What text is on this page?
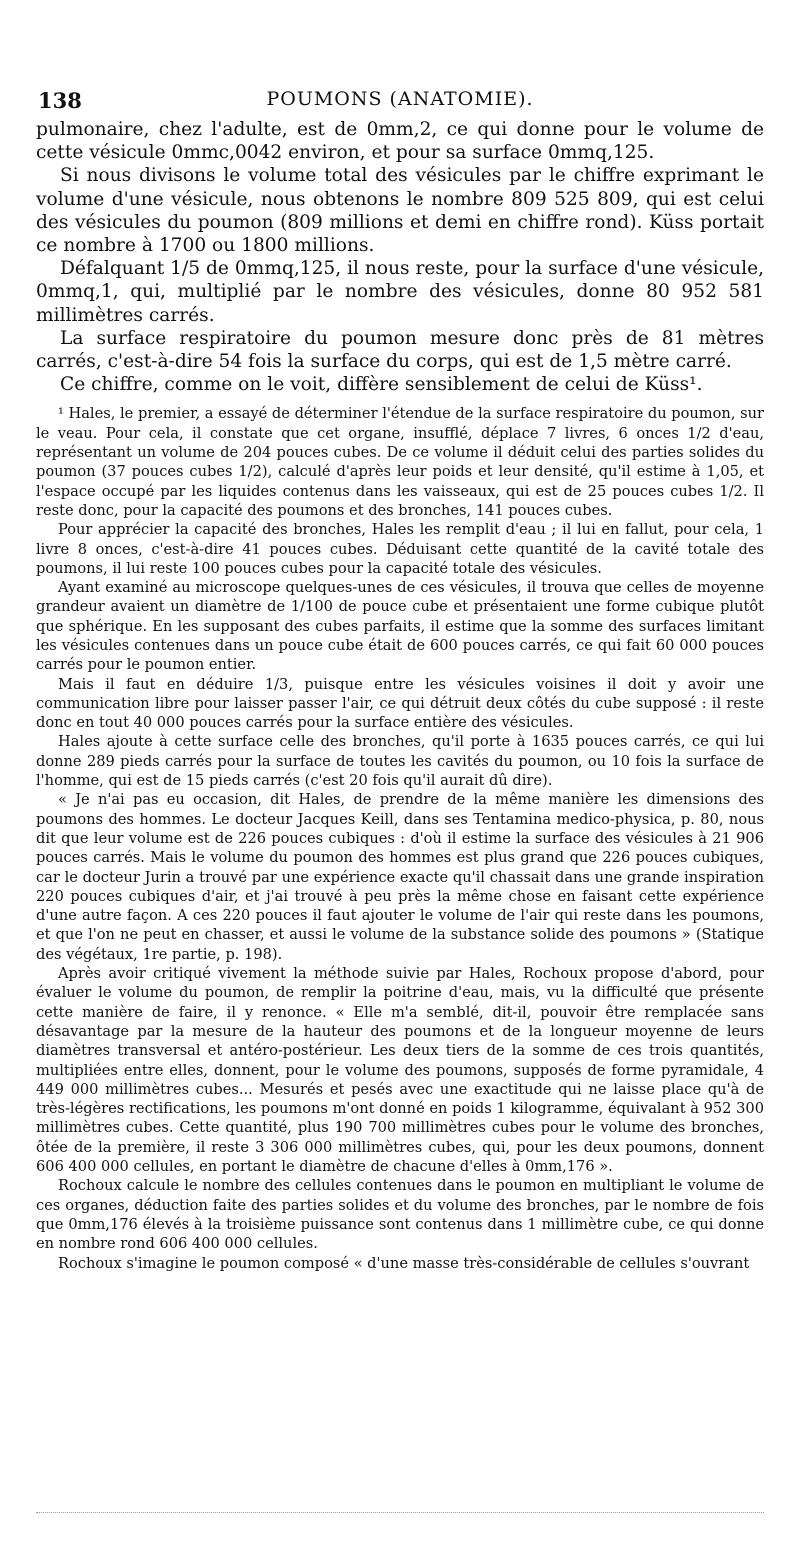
138	POUMONS (ANATOMIE).

pulmonaire, chez l'adulte, est de 0mm,2, ce qui donne pour le volume de cette vésicule 0mmc,0042 environ, et pour sa surface 0mmq,125.

Si nous divisons le volume total des vésicules par le chiffre exprimant le volume d'une vésicule, nous obtenons le nombre 809 525 809, qui est celui des vésicules du poumon (809 millions et demi en chiffre rond). Küss portait ce nombre à 1700 ou 1800 millions.

Défalquant 1/5 de 0mmq,125, il nous reste, pour la surface d'une vésicule, 0mmq,1, qui, multiplié par le nombre des vésicules, donne 80 952 581 millimètres carrés.

La surface respiratoire du poumon mesure donc près de 81 mètres carrés, c'est-à-dire 54 fois la surface du corps, qui est de 1,5 mètre carré.

Ce chiffre, comme on le voit, diffère sensiblement de celui de Küss¹.

¹ Hales, le premier, a essayé de déterminer l'étendue de la surface respiratoire du poumon, sur le veau. Pour cela, il constate que cet organe, insufflé, déplace 7 livres, 6 onces 1/2 d'eau, représentant un volume de 204 pouces cubes. De ce volume il déduit celui des parties solides du poumon (37 pouces cubes 1/2), calculé d'après leur poids et leur densité, qu'il estime à 1,05, et l'espace occupé par les liquides contenus dans les vaisseaux, qui est de 25 pouces cubes 1/2. Il reste donc, pour la capacité des poumons et des bronches, 141 pouces cubes.

Pour apprécier la capacité des bronches, Hales les remplit d'eau ; il lui en fallut, pour cela, 1 livre 8 onces, c'est-à-dire 41 pouces cubes. Déduisant cette quantité de la cavité totale des poumons, il lui reste 100 pouces cubes pour la capacité totale des vésicules.

Ayant examiné au microscope quelques-unes de ces vésicules, il trouva que celles de moyenne grandeur avaient un diamètre de 1/100 de pouce cube et présentaient une forme cubique plutôt que sphérique. En les supposant des cubes parfaits, il estime que la somme des surfaces limitant les vésicules contenues dans un pouce cube était de 600 pouces carrés, ce qui fait 60 000 pouces carrés pour le poumon entier.

Mais il faut en déduire 1/3, puisque entre les vésicules voisines il doit y avoir une communication libre pour laisser passer l'air, ce qui détruit deux côtés du cube supposé : il reste donc en tout 40 000 pouces carrés pour la surface entière des vésicules.

Hales ajoute à cette surface celle des bronches, qu'il porte à 1635 pouces carrés, ce qui lui donne 289 pieds carrés pour la surface de toutes les cavités du poumon, ou 10 fois la surface de l'homme, qui est de 15 pieds carrés (c'est 20 fois qu'il aurait dû dire).

« Je n'ai pas eu occasion, dit Hales, de prendre de la même manière les dimensions des poumons des hommes. Le docteur Jacques Keill, dans ses Tentamina medico-physica, p. 80, nous dit que leur volume est de 226 pouces cubiques : d'où il estime la surface des vésicules à 21 906 pouces carrés. Mais le volume du poumon des hommes est plus grand que 226 pouces cubiques, car le docteur Jurin a trouvé par une expérience exacte qu'il chassait dans une grande inspiration 220 pouces cubiques d'air, et j'ai trouvé à peu près la même chose en faisant cette expérience d'une autre façon. A ces 220 pouces il faut ajouter le volume de l'air qui reste dans les poumons, et que l'on ne peut en chasser, et aussi le volume de la substance solide des poumons » (Statique des végétaux, 1re partie, p. 198).

Après avoir critiqué vivement la méthode suivie par Hales, Rochoux propose d'abord, pour évaluer le volume du poumon, de remplir la poitrine d'eau, mais, vu la difficulté que présente cette manière de faire, il y renonce. « Elle m'a semblé, dit-il, pouvoir être remplacée sans désavantage par la mesure de la hauteur des poumons et de la longueur moyenne de leurs diamètres transversal et antéro-postérieur. Les deux tiers de la somme de ces trois quantités, multipliées entre elles, donnent, pour le volume des poumons, supposés de forme pyramidale, 4 449 000 millimètres cubes... Mesurés et pesés avec une exactitude qui ne laisse place qu'à de très-légères rectifications, les poumons m'ont donné en poids 1 kilogramme, équivalant à 952 300 millimètres cubes. Cette quantité, plus 190 700 millimètres cubes pour le volume des bronches, ôtée de la première, il reste 3 306 000 millimètres cubes, qui, pour les deux poumons, donnent 606 400 000 cellules, en portant le diamètre de chacune d'elles à 0mm,176 ».

Rochoux calcule le nombre des cellules contenues dans le poumon en multipliant le volume de ces organes, déduction faite des parties solides et du volume des bronches, par le nombre de fois que 0mm,176 élevés à la troisième puissance sont contenus dans 1 millimètre cube, ce qui donne en nombre rond 606 400 000 cellules.

Rochoux s'imagine le poumon composé « d'une masse très-considérable de cellules s'ouvrant
